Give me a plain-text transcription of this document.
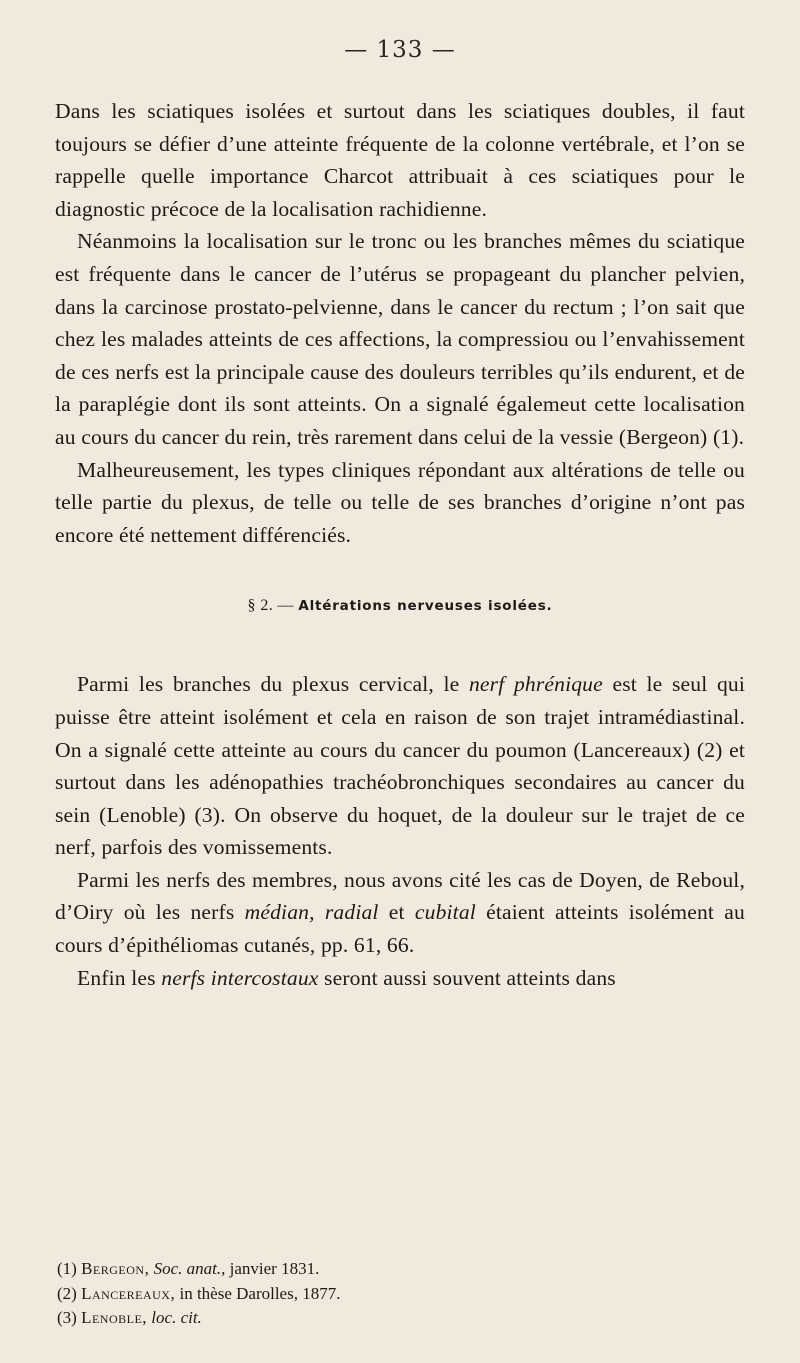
— 133 —

Dans les sciatiques isolées et surtout dans les sciatiques doubles, il faut toujours se défier d’une atteinte fréquente de la colonne vertébrale, et l’on se rappelle quelle importance Charcot attribuait à ces sciatiques pour le diagnostic précoce de la localisation rachidienne.

Néanmoins la localisation sur le tronc ou les branches mêmes du sciatique est fréquente dans le cancer de l’utérus se propageant du plancher pelvien, dans la carcinose prostato-pelvienne, dans le cancer du rectum ; l’on sait que chez les malades atteints de ces affections, la compressiou ou l’envahissement de ces nerfs est la principale cause des douleurs terribles qu’ils endurent, et de la paraplégie dont ils sont atteints. On a signalé égalemeut cette localisation au cours du cancer du rein, très rarement dans celui de la vessie (Bergeon) (1).

Malheureusement, les types cliniques répondant aux altérations de telle ou telle partie du plexus, de telle ou telle de ses branches d’origine n’ont pas encore été nettement différenciés.

§ 2. — Altérations nerveuses isolées.

Parmi les branches du plexus cervical, le nerf phrénique est le seul qui puisse être atteint isolément et cela en raison de son trajet intramédiastinal. On a signalé cette atteinte au cours du cancer du poumon (Lancereaux) (2) et surtout dans les adénopathies trachéobronchiques secondaires au cancer du sein (Lenoble) (3). On observe du hoquet, de la douleur sur le trajet de ce nerf, parfois des vomissements.

Parmi les nerfs des membres, nous avons cité les cas de Doyen, de Reboul, d’Oiry où les nerfs médian, radial et cubital étaient atteints isolément au cours d’épithéliomas cutanés, pp. 61, 66.

Enfin les nerfs intercostaux seront aussi souvent atteints dans

(1) Bergeon, Soc. anat., janvier 1831.

(2) Lancereaux, in thèse Darolles, 1877.

(3) Lenoble, loc. cit.
